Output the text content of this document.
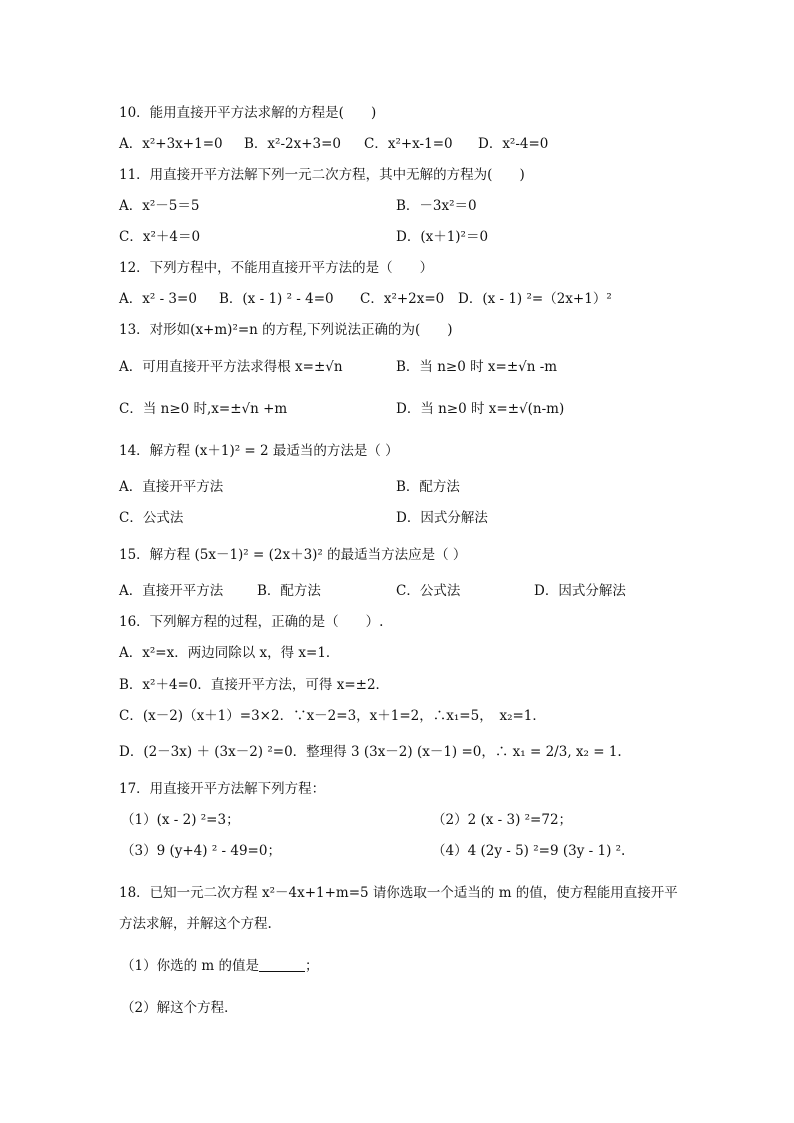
10．能用直接开平方法求解的方程是(　　)
A．x²+3x+1=0 B．x²-2x+3=0 C．x²+x-1=0 D．x²-4=0
11．用直接开平方法解下列一元二次方程，其中无解的方程为(　　)
A．x²－5＝5	B．－3x²＝0
C．x²＋4＝0	D．(x＋1)²＝0
12．下列方程中，不能用直接开平方法的是（　　）
A．x² - 3=0 B．(x - 1) ² - 4=0 C．x²+2x=0 D．(x - 1) ²=（2x+1）²
13．对形如(x+m)²=n 的方程,下列说法正确的为(　　)
A．可用直接开平方法求得根 x=±√n	B．当 n≥0 时 x=±√n -m
C．当 n≥0 时,x=±√n +m	D．当 n≥0 时 x=±√(n-m)
14．解方程 (x＋1)² = 2 最适当的方法是（ ）
A．直接开平方法	B．配方法
C．公式法	D．因式分解法
15．解方程 (5x－1)² = (2x＋3)² 的最适当方法应是（ ）
A．直接开平方法	B．配方法	C．公式法	D．因式分解法
16．下列解方程的过程，正确的是（　　）.
A．x²=x．两边同除以 x，得 x=1．
B．x²＋4=0．直接开平方法，可得 x=±2．
C．(x－2)（x＋1）=3×2．∵x－2=3，x＋1=2，∴x₁=5，　x₂=1．
D．(2－3x) ＋ (3x－2) ²=0．整理得 3 (3x－2) (x－1) =0，∴ x₁ = 2/3, x₂ = 1.
17．用直接开平方法解下列方程：
（1）(x - 2) ²=3；	（2）2 (x - 3) ²=72；
（3）9 (y+4) ² - 49=0；	（4）4 (2y - 5) ²=9 (3y - 1) ².
18．已知一元二次方程 x²－4x+1+m=5 请你选取一个适当的 m 的值，使方程能用直接开平
方法求解，并解这个方程.
（1）你选的 m 的值是	；
（2）解这个方程．
